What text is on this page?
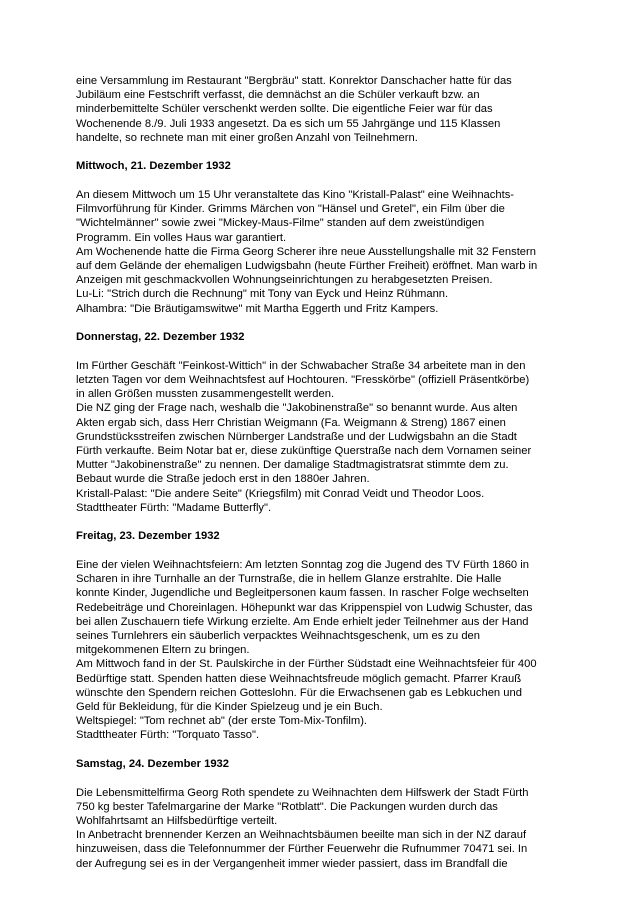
eine Versammlung im Restaurant "Bergbräu" statt. Konrektor Danschacher hatte für das
Jubiläum eine Festschrift verfasst, die demnächst an die Schüler verkauft bzw. an
minderbemittelte Schüler verschenkt werden sollte. Die eigentliche Feier war für das
Wochenende 8./9. Juli 1933 angesetzt. Da es sich um 55 Jahrgänge und 115 Klassen
handelte, so rechnete man mit einer großen Anzahl von Teilnehmern.
Mittwoch, 21. Dezember 1932
An diesem Mittwoch um 15 Uhr veranstaltete das Kino "Kristall-Palast" eine Weihnachts-
Filmvorführung für Kinder. Grimms Märchen von "Hänsel und Gretel", ein Film über die
"Wichtelmänner" sowie zwei "Mickey-Maus-Filme" standen auf dem zweistündigen
Programm. Ein volles Haus war garantiert.
Am Wochenende hatte die Firma Georg Scherer ihre neue Ausstellungshalle mit 32 Fenstern
auf dem Gelände der ehemaligen Ludwigsbahn (heute Fürther Freiheit) eröffnet. Man warb in
Anzeigen mit geschmackvollen Wohnungseinrichtungen zu herabgesetzten Preisen.
Lu-Li: "Strich durch die Rechnung" mit Tony van Eyck und Heinz Rühmann.
Alhambra: "Die Bräutigamswitwe" mit Martha Eggerth und Fritz Kampers.
Donnerstag, 22. Dezember 1932
Im Fürther Geschäft "Feinkost-Wittich" in der Schwabacher Straße 34 arbeitete man in den
letzten Tagen vor dem Weihnachtsfest auf Hochtouren. "Fresskörbe" (offiziell Präsentkörbe)
in allen Größen mussten zusammengestellt werden.
Die NZ ging der Frage nach, weshalb die "Jakobinenstraße" so benannt wurde. Aus alten
Akten ergab sich, dass Herr Christian Weigmann (Fa. Weigmann & Streng) 1867 einen
Grundstücksstreifen zwischen Nürnberger Landstraße und der Ludwigsbahn an die Stadt
Fürth verkaufte. Beim Notar bat er, diese zukünftige Querstraße nach dem Vornamen seiner
Mutter "Jakobinenstraße" zu nennen. Der damalige Stadtmagistratsrat stimmte dem zu.
Bebaut wurde die Straße jedoch erst in den 1880er Jahren.
Kristall-Palast: "Die andere Seite" (Kriegsfilm) mit Conrad Veidt und Theodor Loos.
Stadttheater Fürth: "Madame Butterfly".
Freitag, 23. Dezember 1932
Eine der vielen Weihnachtsfeiern: Am letzten Sonntag zog die Jugend des TV Fürth 1860 in
Scharen in ihre Turnhalle an der Turnstraße, die in hellem Glanze erstrahlte. Die Halle
konnte Kinder, Jugendliche und Begleitpersonen kaum fassen. In rascher Folge wechselten
Redebeiträge und Choreinlagen. Höhepunkt war das Krippenspiel von Ludwig Schuster, das
bei allen Zuschauern tiefe Wirkung erzielte. Am Ende erhielt jeder Teilnehmer aus der Hand
seines Turnlehrers ein säuberlich verpacktes Weihnachtsgeschenk, um es zu den
mitgekommenen Eltern zu bringen.
Am Mittwoch fand in der St. Paulskirche in der Fürther Südstadt eine Weihnachtsfeier für 400
Bedürftige statt. Spenden hatten diese Weihnachtsfreude möglich gemacht. Pfarrer Krauß
wünschte den Spendern reichen Gotteslohn. Für die Erwachsenen gab es Lebkuchen und
Geld für Bekleidung, für die Kinder Spielzeug und je ein Buch.
Weltspiegel: "Tom rechnet ab" (der erste Tom-Mix-Tonfilm).
Stadttheater Fürth: "Torquato Tasso".
Samstag, 24. Dezember 1932
Die Lebensmittelfirma Georg Roth spendete zu Weihnachten dem Hilfswerk der Stadt Fürth
750 kg bester Tafelmargarine der Marke "Rotblatt". Die Packungen wurden durch das
Wohlfahrtsamt an Hilfsbedürftige verteilt.
In Anbetracht brennender Kerzen an Weihnachtsbäumen beeilte man sich in der NZ darauf
hinzuweisen, dass die Telefonnummer der Fürther Feuerwehr die Rufnummer 70471 sei. In
der Aufregung sei es in der Vergangenheit immer wieder passiert, dass im Brandfall die
